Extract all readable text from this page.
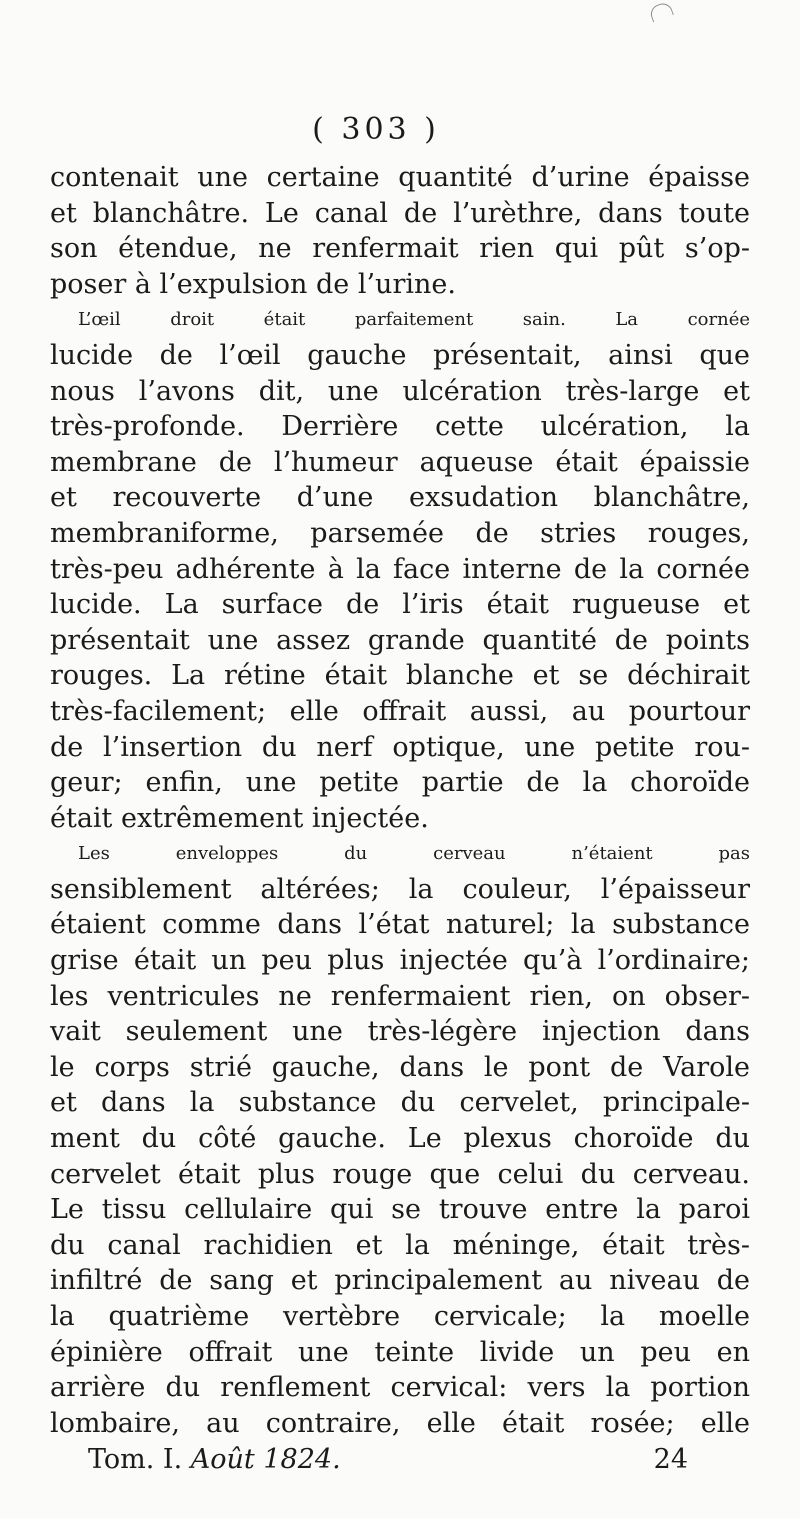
( 303 )
contenait une certaine quantité d’urine épaisse
et blanchâtre. Le canal de l’urèthre, dans toute
son étendue, ne renfermait rien qui pût s’op-
poser à l’expulsion de l’urine.
L’œil droit était parfaitement sain. La cornée
lucide de l’œil gauche présentait, ainsi que
nous l’avons dit, une ulcération très-large et
très-profonde. Derrière cette ulcération, la
membrane de l’humeur aqueuse était épaissie
et recouverte d’une exsudation blanchâtre,
membraniforme, parsemée de stries rouges,
très-peu adhérente à la face interne de la cornée
lucide. La surface de l’iris était rugueuse et
présentait une assez grande quantité de points
rouges. La rétine était blanche et se déchirait
très-facilement; elle offrait aussi, au pourtour
de l’insertion du nerf optique, une petite rou-
geur; enfin, une petite partie de la choroïde
était extrêmement injectée.
Les enveloppes du cerveau n’étaient pas
sensiblement altérées; la couleur, l’épaisseur
étaient comme dans l’état naturel; la substance
grise était un peu plus injectée qu’à l’ordinaire;
les ventricules ne renfermaient rien, on obser-
vait seulement une très-légère injection dans
le corps strié gauche, dans le pont de Varole
et dans la substance du cervelet, principale-
ment du côté gauche. Le plexus choroïde du
cervelet était plus rouge que celui du cerveau.
Le tissu cellulaire qui se trouve entre la paroi
du canal rachidien et la méninge, était très-
infiltré de sang et principalement au niveau de
la quatrième vertèbre cervicale; la moelle
épinière offrait une teinte livide un peu en
arrière du renflement cervical: vers la portion
lombaire, au contraire, elle était rosée; elle
Tom. I. Août 1824.	24
